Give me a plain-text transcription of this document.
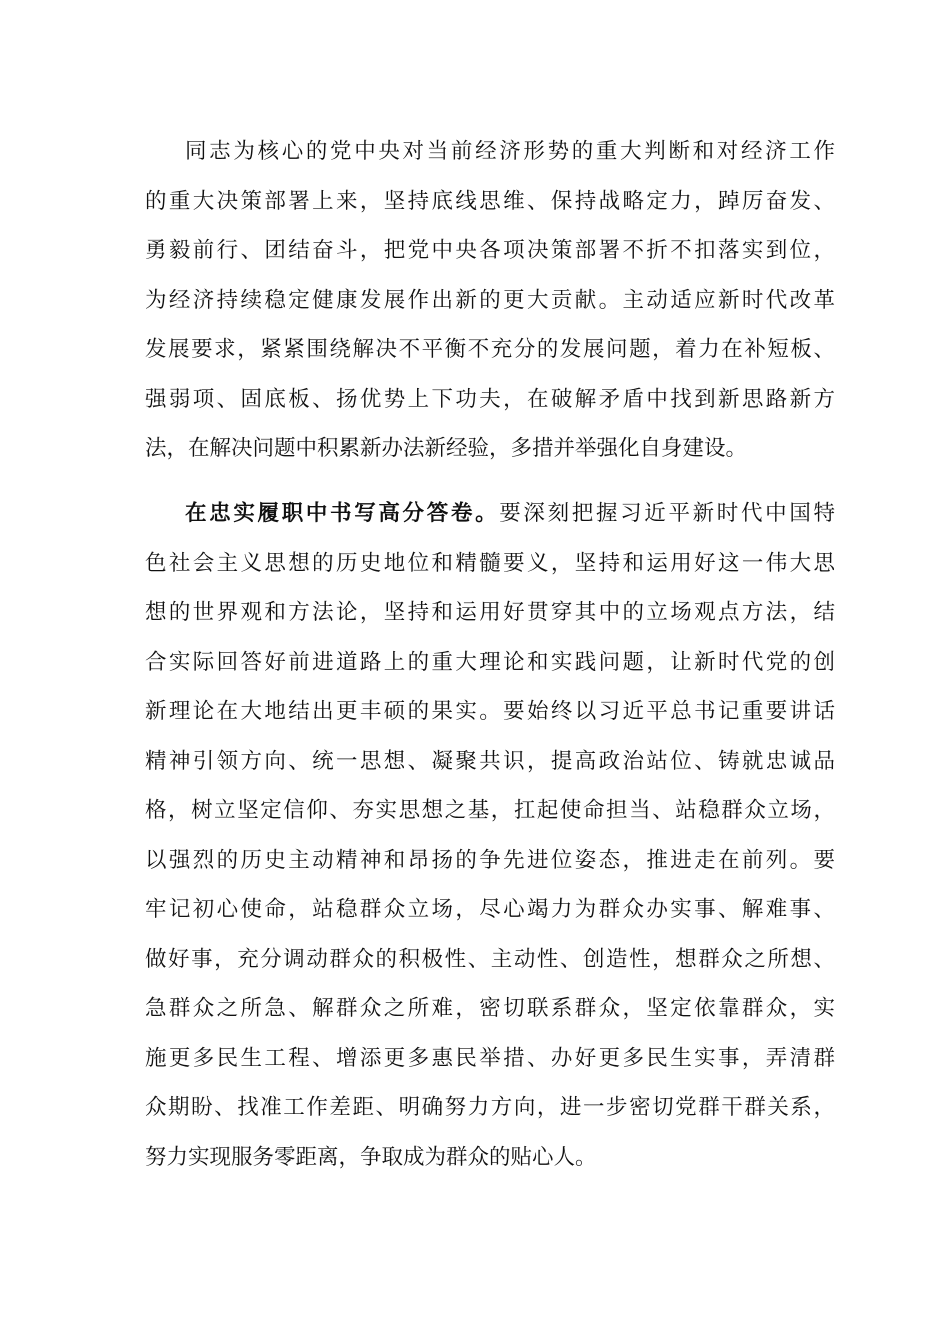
同志为核心的党中央对当前经济形势的重大判断和对经济工作
的重大决策部署上来，坚持底线思维、保持战略定力，踔厉奋发、
勇毅前行、团结奋斗，把党中央各项决策部署不折不扣落实到位，
为经济持续稳定健康发展作出新的更大贡献。主动适应新时代改革
发展要求，紧紧围绕解决不平衡不充分的发展问题，着力在补短板、
强弱项、固底板、扬优势上下功夫，在破解矛盾中找到新思路新方
法，在解决问题中积累新办法新经验，多措并举强化自身建设。
在忠实履职中书写高分答卷。要深刻把握习近平新时代中国特
色社会主义思想的历史地位和精髓要义，坚持和运用好这一伟大思
想的世界观和方法论，坚持和运用好贯穿其中的立场观点方法，结
合实际回答好前进道路上的重大理论和实践问题，让新时代党的创
新理论在大地结出更丰硕的果实。要始终以习近平总书记重要讲话
精神引领方向、统一思想、凝聚共识，提高政治站位、铸就忠诚品
格，树立坚定信仰、夯实思想之基，扛起使命担当、站稳群众立场，
以强烈的历史主动精神和昂扬的争先进位姿态，推进走在前列。要
牢记初心使命，站稳群众立场，尽心竭力为群众办实事、解难事、
做好事，充分调动群众的积极性、主动性、创造性，想群众之所想、
急群众之所急、解群众之所难，密切联系群众，坚定依靠群众，实
施更多民生工程、增添更多惠民举措、办好更多民生实事，弄清群
众期盼、找准工作差距、明确努力方向，进一步密切党群干群关系，
努力实现服务零距离，争取成为群众的贴心人。
